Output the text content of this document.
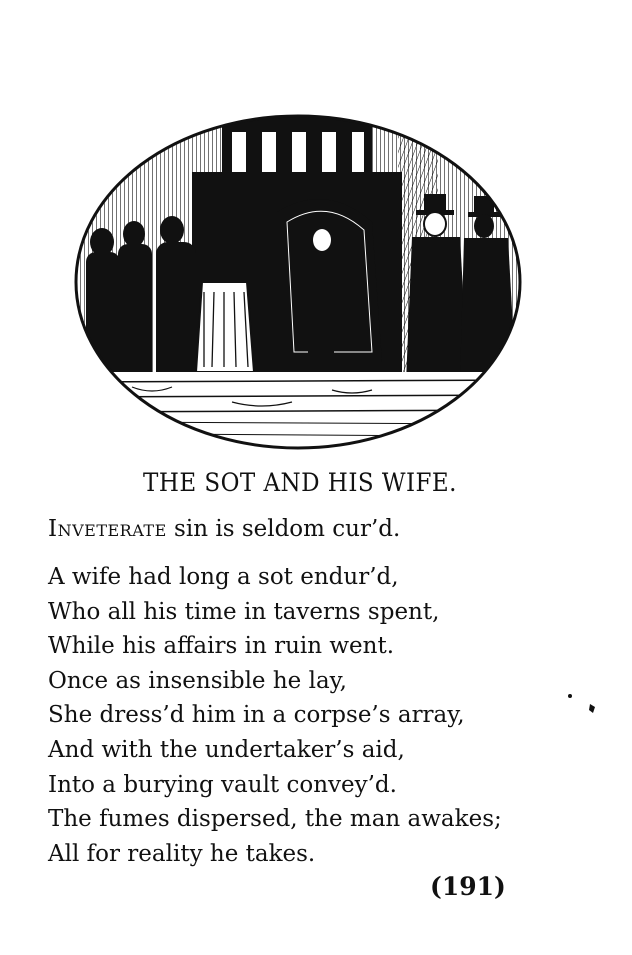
THE SOT AND HIS WIFE.
Inveterate sin is seldom cur’d.
A wife had long a sot endur’d,
Who all his time in taverns spent,
While his affairs in ruin went.
Once as insensible he lay,
She dress’d him in a corpse’s array,
And with the undertaker’s aid,
Into a burying vault convey’d.
The fumes dispersed, the man awakes;
All for reality he takes.
(191)
